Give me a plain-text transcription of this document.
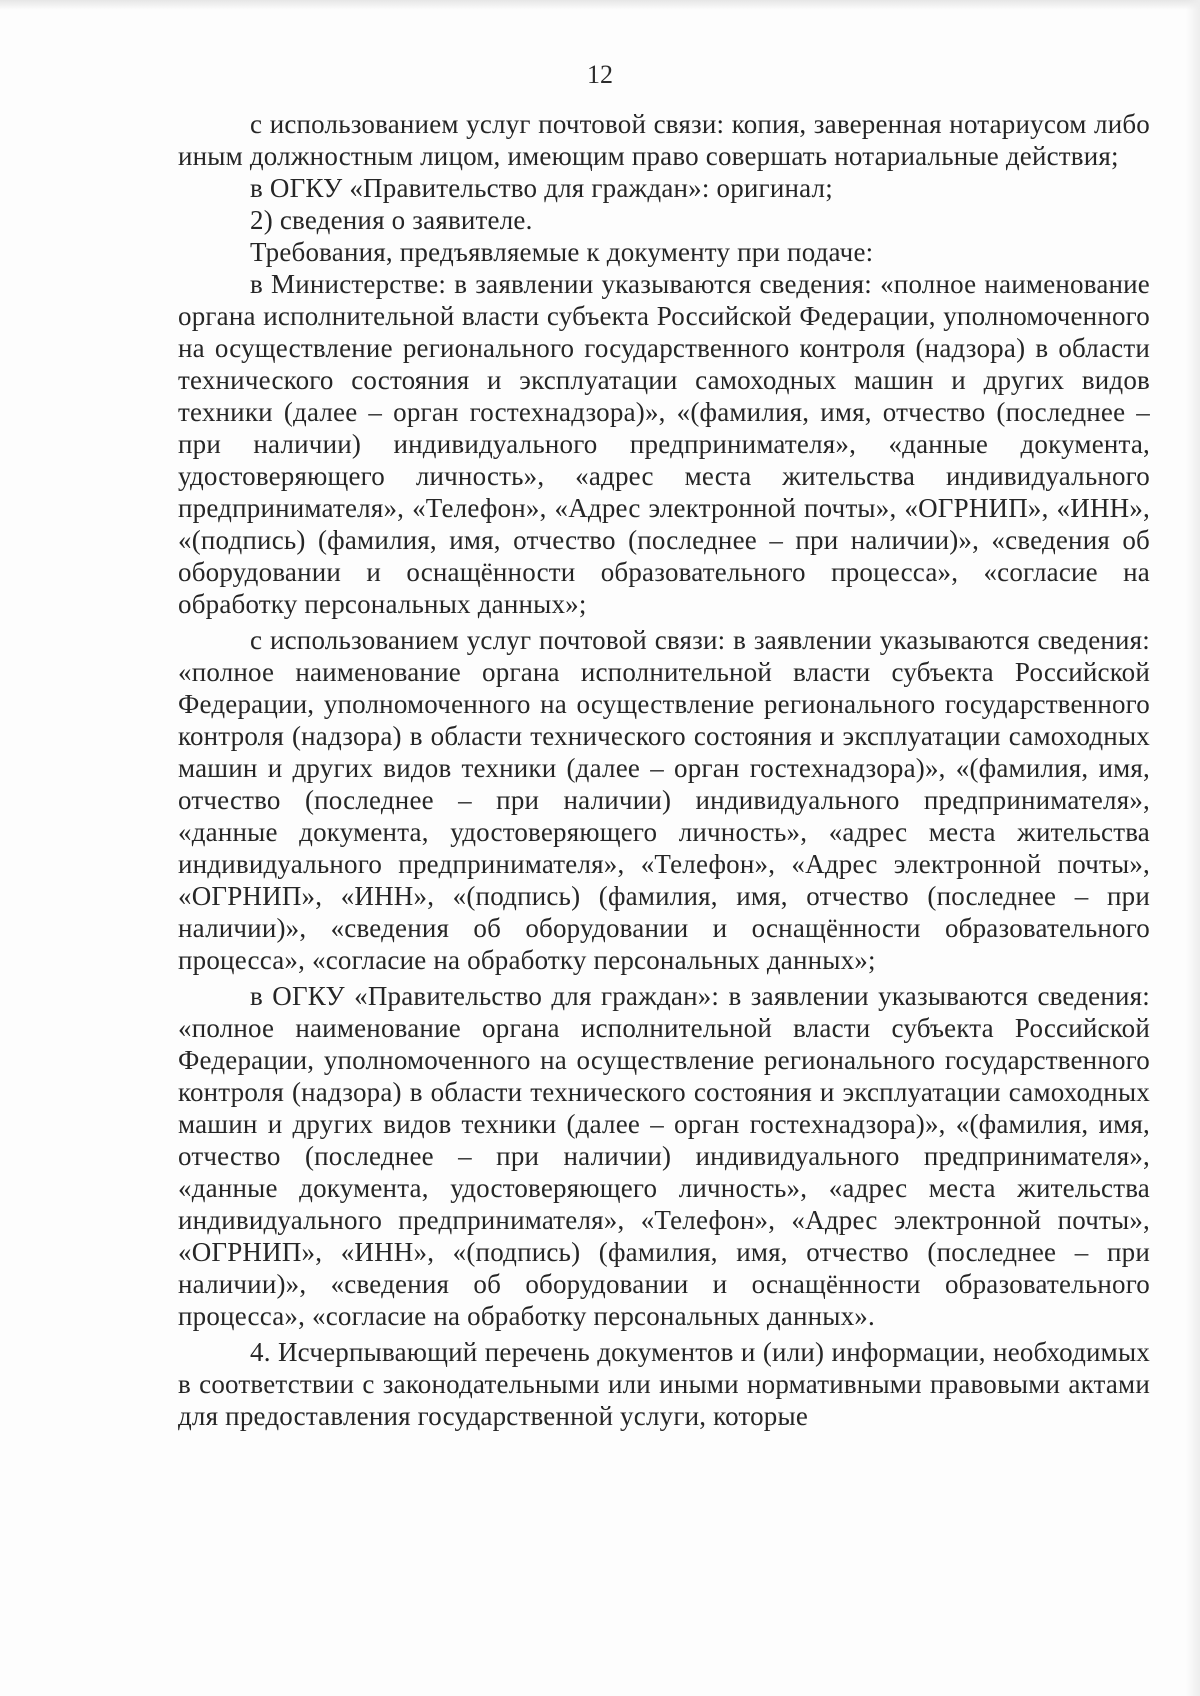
12

с использованием услуг почтовой связи: копия, заверенная нотариусом либо иным должностным лицом, имеющим право совершать нотариальные действия;

в ОГКУ «Правительство для граждан»: оригинал;

2) сведения о заявителе.

Требования, предъявляемые к документу при подаче:

в Министерстве: в заявлении указываются сведения: «полное наименование органа исполнительной власти субъекта Российской Федерации, уполномоченного на осуществление регионального государственного контроля (надзора) в области технического состояния и эксплуатации самоходных машин и других видов техники (далее – орган гостехнадзора)», «(фамилия, имя, отчество (последнее – при наличии) индивидуального предпринимателя», «данные документа, удостоверяющего личность», «адрес места жительства индивидуального предпринимателя», «Телефон», «Адрес электронной почты», «ОГРНИП», «ИНН», «(подпись) (фамилия, имя, отчество (последнее – при наличии)», «сведения об оборудовании и оснащённости образовательного процесса», «согласие на обработку персональных данных»;

с использованием услуг почтовой связи: в заявлении указываются сведения: «полное наименование органа исполнительной власти субъекта Российской Федерации, уполномоченного на осуществление регионального государственного контроля (надзора) в области технического состояния и эксплуатации самоходных машин и других видов техники (далее – орган гостехнадзора)», «(фамилия, имя, отчество (последнее – при наличии) индивидуального предпринимателя», «данные документа, удостоверяющего личность», «адрес места жительства индивидуального предпринимателя», «Телефон», «Адрес электронной почты», «ОГРНИП», «ИНН», «(подпись) (фамилия, имя, отчество (последнее – при наличии)», «сведения об оборудовании и оснащённости образовательного процесса», «согласие на обработку персональных данных»;

в ОГКУ «Правительство для граждан»: в заявлении указываются сведения: «полное наименование органа исполнительной власти субъекта Российской Федерации, уполномоченного на осуществление регионального государственного контроля (надзора) в области технического состояния и эксплуатации самоходных машин и других видов техники (далее – орган гостехнадзора)», «(фамилия, имя, отчество (последнее – при наличии) индивидуального предпринимателя», «данные документа, удостоверяющего личность», «адрес места жительства индивидуального предпринимателя», «Телефон», «Адрес электронной почты», «ОГРНИП», «ИНН», «(подпись) (фамилия, имя, отчество (последнее – при наличии)», «сведения об оборудовании и оснащённости образовательного процесса», «согласие на обработку персональных данных».

4. Исчерпывающий перечень документов и (или) информации, необходимых в соответствии с законодательными или иными нормативными правовыми актами для предоставления государственной услуги, которые
